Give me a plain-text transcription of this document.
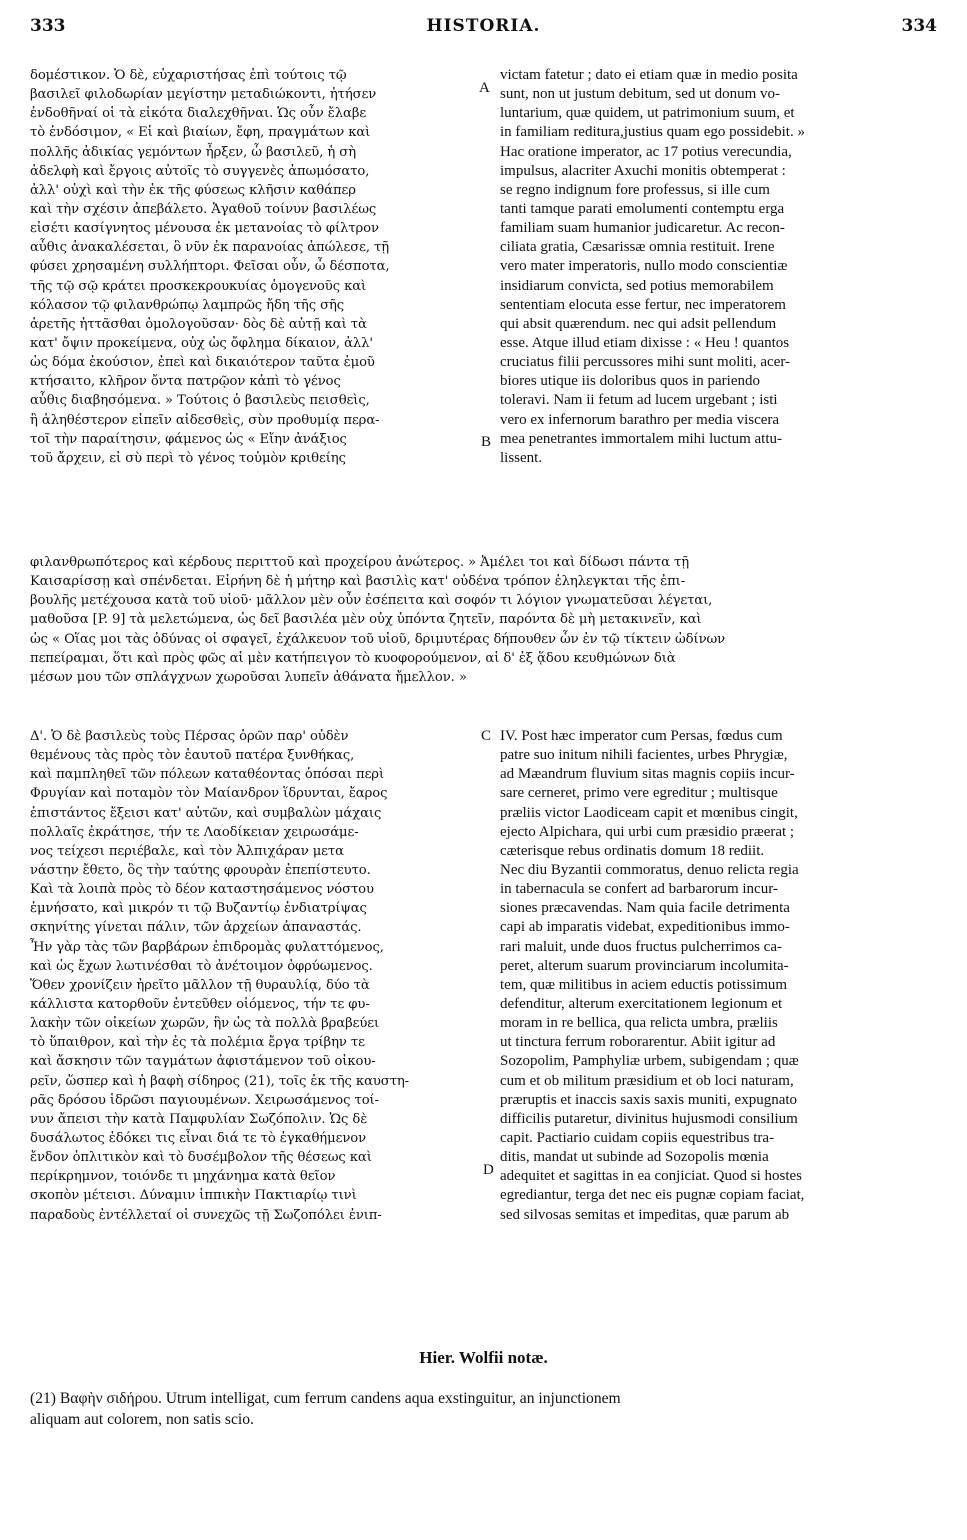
333	HISTORIA.	334
δομέστικον. Ὁ δὲ, εὐχαριστήσας ἐπὶ τούτοις τῷ
βασιλεῖ φιλοδωρίαν μεγίστην μεταδιώκοντι, ἠτήσεν
ἐνδοθῆναί οἱ τὰ εἰκότα διαλεχθῆναι. Ὡς οὖν ἔλαβε
τὸ ἐνδόσιμον, « Εἰ καὶ βιαίων, ἔφη, πραγμάτων καὶ
πολλῆς ἀδικίας γεμόντων ἦρξεν, ὦ βασιλεῦ, ἡ σὴ
ἀδελφὴ καὶ ἔργοις αὐτοῖς τὸ συγγενὲς ἀπωμόσατο,
ἀλλ' οὐχὶ καὶ τὴν ἐκ τῆς φύσεως κλῆσιν καθάπερ
καὶ τὴν σχέσιν ἀπεβάλετο. Ἀγαθοῦ τοίνυν βασιλέως
εἰσέτι κασίγνητος μένουσα ἐκ μετανοίας τὸ φίλτρον
αὖθις ἀνακαλέσεται, ὃ νῦν ἐκ παρανοίας ἀπώλεσε, τῇ
φύσει χρησαμένη συλλήπτορι. Φεῖσαι οὖν, ὦ δέσποτα,
τῆς τῷ σῷ κράτει προσκεκρουκυίας ὁμογενοῦς καὶ
κόλασον τῷ φιλανθρώπῳ λαμπρῶς ἤδη τῆς σῆς
ἀρετῆς ἡττᾶσθαι ὁμολογοῦσαν· δὸς δὲ αὐτῇ καὶ τὰ
κατ' ὄψιν προκείμενα, οὐχ ὡς ὄφλημα δίκαιον, ἀλλ'
ὡς δόμα ἑκούσιον, ἐπεὶ καὶ δικαιότερον ταῦτα ἐμοῦ
κτήσαιτο, κλῆρον ὄντα πατρῷον κἀπὶ τὸ γένος
αὖθις διαβησόμενα. » Τούτοις ὁ βασιλεὺς πεισθεὶς,
ἢ ἀληθέστερον εἰπεῖν αἰδεσθεὶς, σὺν προθυμίᾳ περα-
τοῖ τὴν παραίτησιν, φάμενος ὡς « Εἴην ἀνάξιος
τοῦ ἄρχειν, εἰ σὺ περὶ τὸ γένος τοὐμὸν κριθείης
victam fatetur ; dato ei etiam quæ in medio posita
sunt, non ut justum debitum, sed ut donum vo-
luntarium, quæ quidem, ut patrimonium suum, et
in familiam reditura,justius quam ego possidebit. »
Hac oratione imperator, ac 17 potius verecundia,
impulsus, alacriter Axuchi monitis obtemperat :
se regno indignum fore professus, si ille cum
tanti tamque parati emolumenti contemptu erga
familiam suam humanior judicaretur. Ac recon-
ciliata gratia, Cæsarissæ omnia restituit. Irene
vero mater imperatoris, nullo modo conscientiæ
insidiarum convicta, sed potius memorabilem
sententiam elocuta esse fertur, nec imperatorem
qui absit quærendum. nec qui adsit pellendum
esse. Atque illud etiam dixisse : « Heu ! quantos
cruciatus filii percussores mihi sunt moliti, acer-
biores utique iis doloribus quos in pariendo
toleravi. Nam ii fetum ad lucem urgebant ; isti
vero ex infernorum barathro per media viscera
mea penetrantes immortalem mihi luctum attu-
lissent.
φιλανθρωπότερος καὶ κέρδους περιττοῦ καὶ προχείρου ἀνώτερος. » Ἀμέλει τοι καὶ δίδωσι πάντα τῇ
Καισαρίσσῃ καὶ σπένδεται. Εἰρήνη δὲ ἡ μήτηρ καὶ βασιλὶς κατ' οὐδένα τρόπον ἐληλεγκται τῆς ἐπι-
βουλῆς μετέχουσα κατὰ τοῦ υἱοῦ· μᾶλλον μὲν οὖν ἐσέπειτα καὶ σοφόν τι λόγιον γνωματεῦσαι λέγεται,
μαθοῦσα [P. 9] τὰ μελετώμενα, ὡς δεῖ βασιλέα μὲν οὐχ ὑπόντα ζητεῖν, παρόντα δὲ μὴ μετακινεῖν, καὶ
ὡς « Οἵας μοι τὰς ὀδύνας οἱ σφαγεῖ, ἐχάλκευον τοῦ υἱοῦ, δριμυτέρας δήπουθεν ὧν ἐν τῷ τίκτειν ὠδίνων
πεπείραμαι, ὅτι καὶ πρὸς φῶς αἱ μὲν κατήπειγον τὸ κυοφορούμενον, αἱ δ' ἐξ ᾅδου κευθμώνων διὰ
μέσων μου τῶν σπλάγχνων χωροῦσαι λυπεῖν ἀθάνατα ἤμελλον. »
Δ'. Ὁ δὲ βασιλεὺς τοὺς Πέρσας ὁρῶν παρ' οὐδὲν
θεμένους τὰς πρὸς τὸν ἑαυτοῦ πατέρα ξυνθήκας,
καὶ παμπληθεῖ τῶν πόλεων καταθέοντας ὁπόσαι περὶ
Φρυγίαν καὶ ποταμὸν τὸν Μαίανδρον ἵδρυνται, ἔαρος
ἐπιστάντος ἔξεισι κατ' αὐτῶν, καὶ συμβαλὼν μάχαις
πολλαῖς ἐκράτησε, τήν τε Λαοδίκειαν χειρωσάμε-
νος τείχεσι περιέβαλε, καὶ τὸν Ἀλπιχάραν μετα
νάστην ἔθετο, ὃς τὴν ταύτης φρουρὰν ἐπεπίστευτο.
Καὶ τὰ λοιπὰ πρὸς τὸ δέον καταστησάμενος νόστου
ἐμνήσατο, καὶ μικρόν τι τῷ Βυζαντίῳ ἐνδιατρίψας
σκηνίτης γίνεται πάλιν, τῶν ἀρχείων ἀπαναστάς.
Ἦν γὰρ τὰς τῶν βαρβάρων ἐπιδρομὰς φυλαττόμενος,
καὶ ὡς ἔχων λωτινέσθαι τὸ ἀνέτοιμον ὀφρύωμενος.
Ὅθεν χρονίζειν ἠρεῖτο μᾶλλον τῇ θυραυλίᾳ, δύο τὰ
κάλλιστα κατορθοῦν ἐντεῦθεν οἰόμενος, τήν τε φυ-
λακὴν τῶν οἰκείων χωρῶν, ἣν ὡς τὰ πολλὰ βραβεύει
τὸ ὕπαιθρον, καὶ τὴν ἐς τὰ πολέμια ἔργα τρίβην τε
καὶ ἄσκησιν τῶν ταγμάτων ἀφιστάμενον τοῦ οἰκου-
ρεῖν, ὥσπερ καὶ ἡ βαφὴ σίδηρος (21), τοῖς ἐκ τῆς καυστη-
ρᾶς δρόσου ἱδρῶσι παγιουμένων. Χειρωσάμενος τοί-
νυν ἄπεισι τὴν κατὰ Παμφυλίαν Σωζόπολιν. Ὡς δὲ
δυσάλωτος ἐδόκει τις εἶναι διά τε τὸ ἐγκαθήμενον
ἔνδον ὁπλιτικὸν καὶ τὸ δυσέμβολον τῆς θέσεως καὶ
περίκρημνον, τοιόνδε τι μηχάνημα κατὰ θεῖον
σκοπὸν μέτεισι. Δύναμιν ἱππικὴν Πακτιαρίῳ τινὶ
παραδοὺς ἐντέλλεταί οἱ συνεχῶς τῇ Σωζοπόλει ἐνιπ-
IV. Post hæc imperator cum Persas, fœdus cum
patre suo initum nihili facientes, urbes Phrygiæ,
ad Mæandrum fluvium sitas magnis copiis incur-
sare cerneret, primo vere egreditur ; multisque
præliis victor Laodiceam capit et mœnibus cingit,
ejecto Alpichara, qui urbi cum præsidio præerat ;
cæterisque rebus ordinatis domum 18 rediit.
Nec diu Byzantii commoratus, denuo relicta regia
in tabernacula se confert ad barbarorum incur-
siones præcavendas. Nam quia facile detrimenta
capi ab imparatis videbat, expeditionibus immo-
rari maluit, unde duos fructus pulcherrimos ca-
peret, alterum suarum provinciarum incolumita-
tem, quæ militibus in aciem eductis potissimum
defenditur, alterum exercitationem legionum et
moram in re bellica, qua relicta umbra, præliis
ut tinctura ferrum roborarentur. Abiit igitur ad
Sozopolim, Pamphyliæ urbem, subigendam ; quæ
cum et ob militum præsidium et ob loci naturam,
præruptis et inaccis saxis saxis muniti, expugnato
difficilis putaretur, divinitus hujusmodi consilium
capit. Pactiario cuidam copiis equestribus tra-
ditis, mandat ut subinde ad Sozopolis mœnia
adequitet et sagittas in ea conjiciat. Quod si hostes
egrediantur, terga det nec eis pugnæ copiam faciat,
sed silvosas semitas et impeditas, quæ parum ab
A
B
C
D
Hier. Wolfii notæ.
(21) Βαφὴν σιδήρου. Utrum intelligat, cum ferrum candens aqua exstinguitur, an injunctionem
aliquam aut colorem, non satis scio.
